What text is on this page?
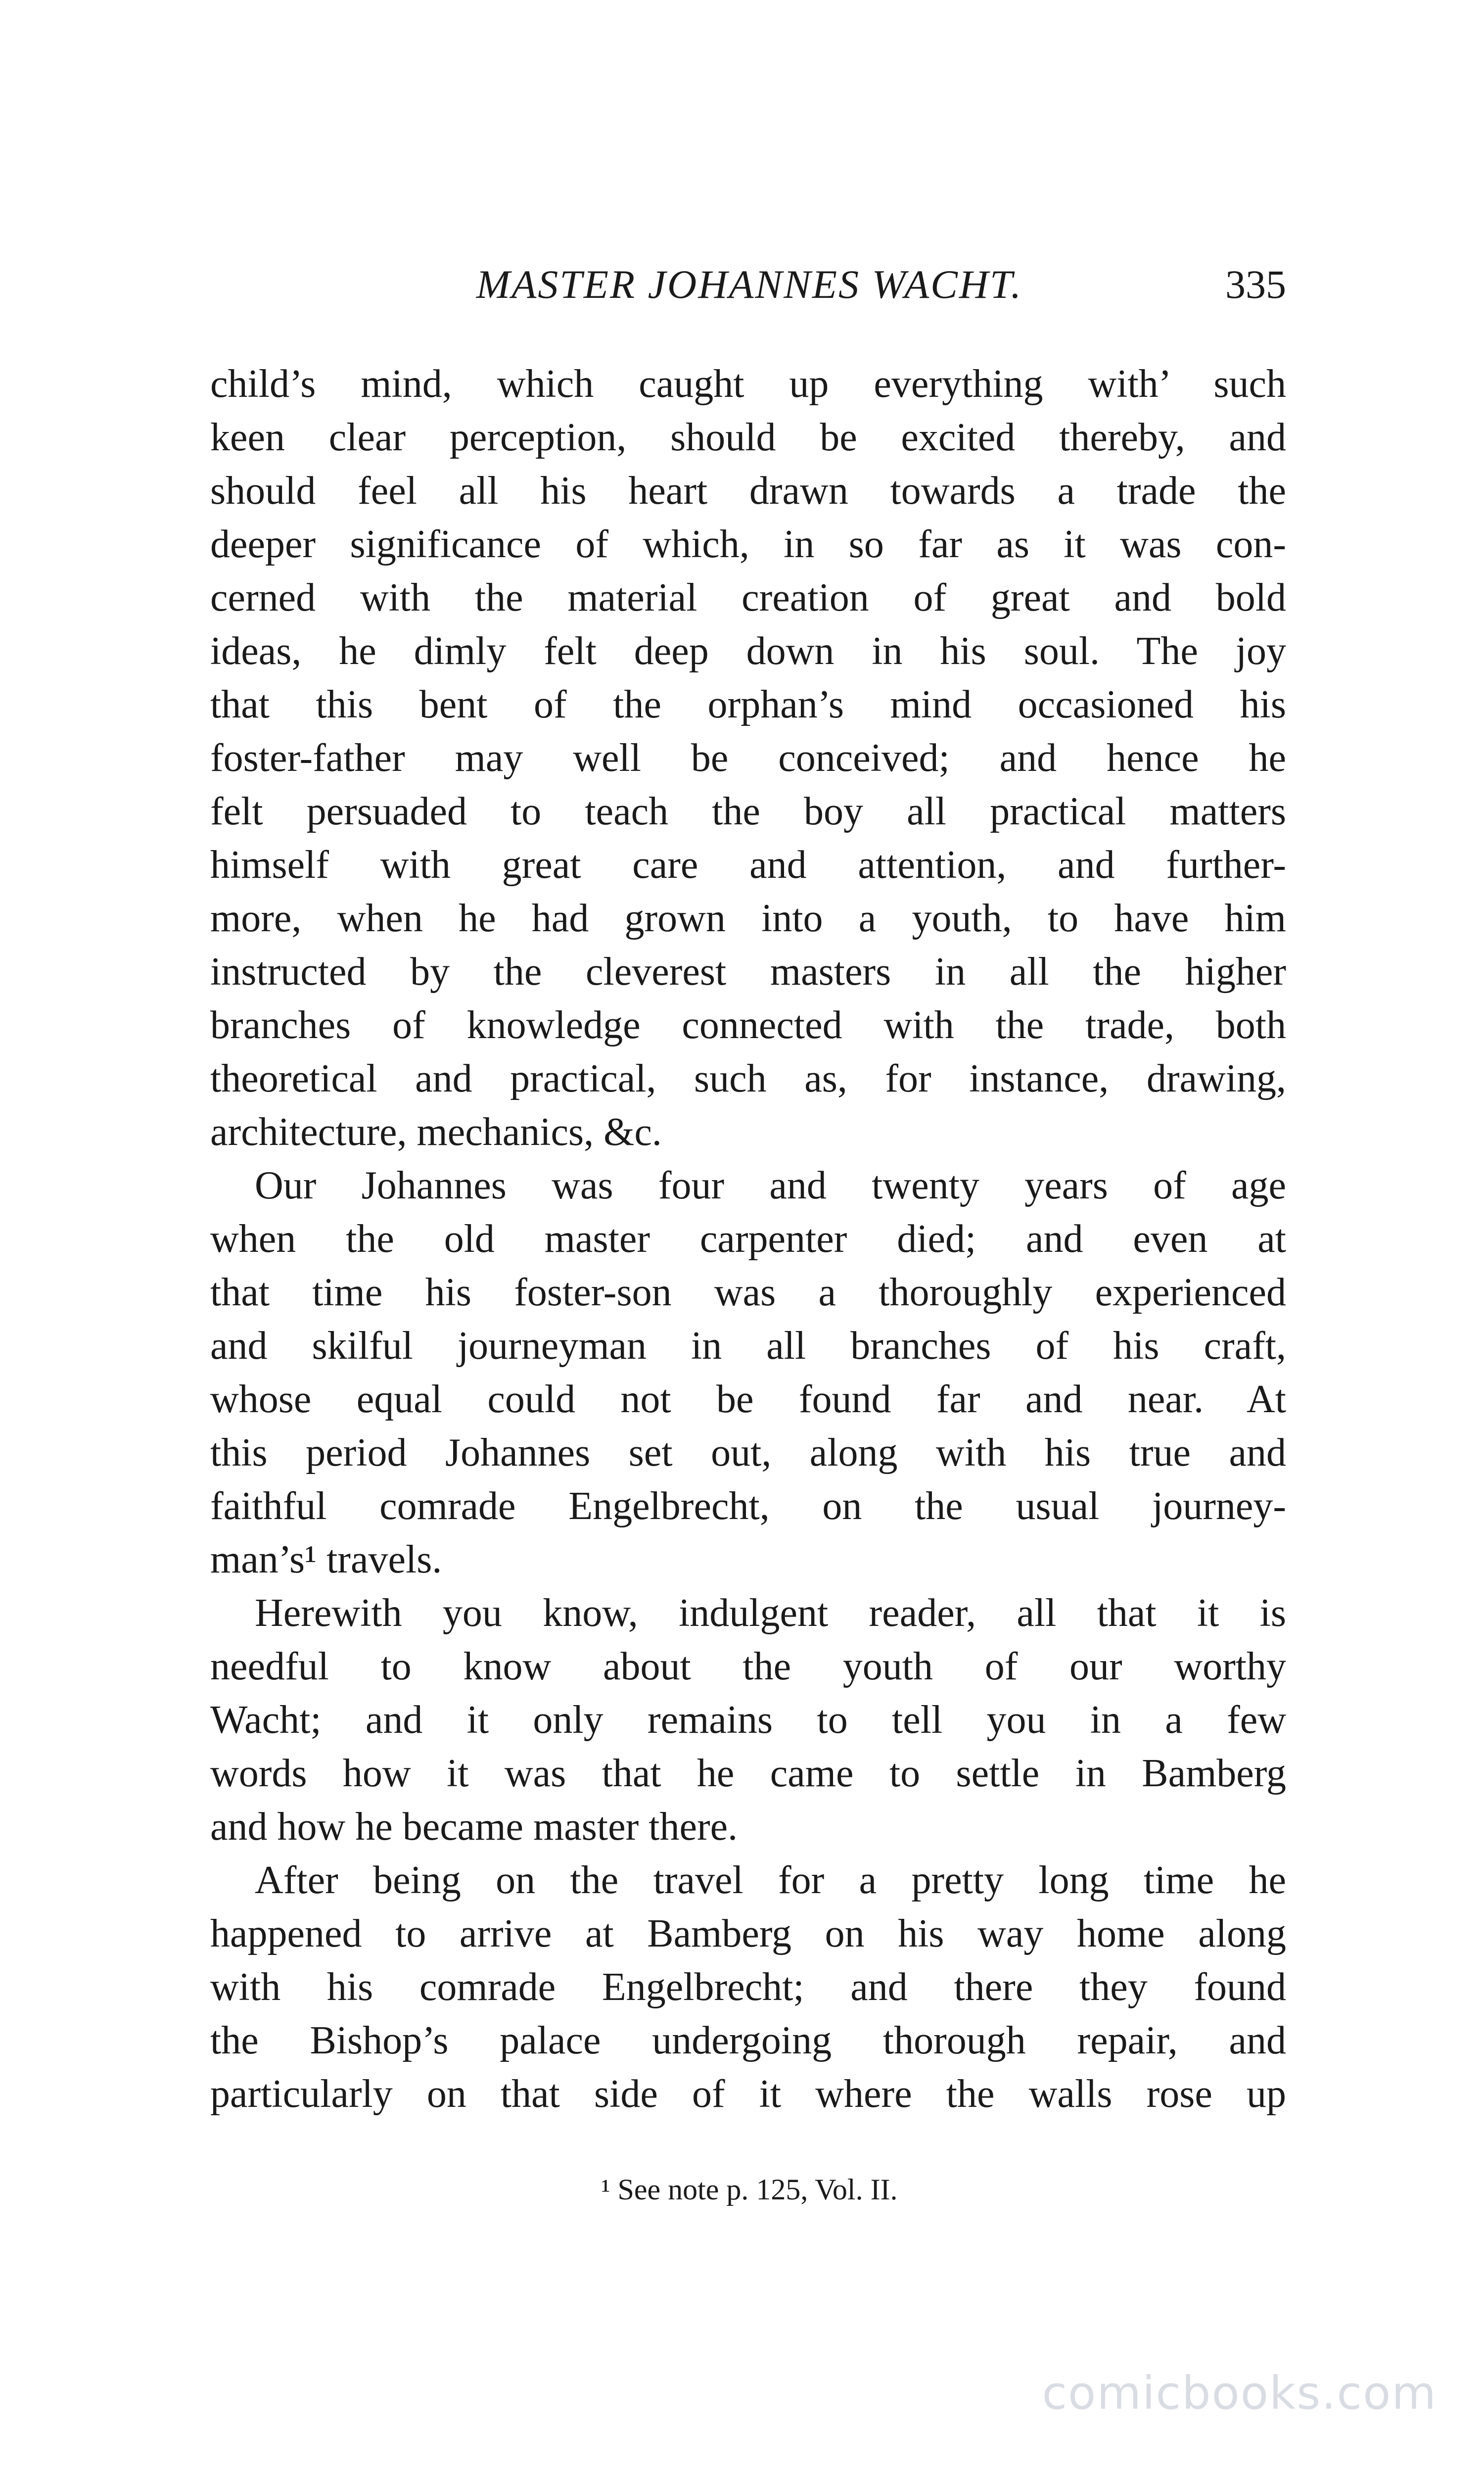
MASTER JOHANNES WACHT.	335
child’s mind, which caught up everything with’ such
keen clear perception, should be excited thereby, and
should feel all his heart drawn towards a trade the
deeper significance of which, in so far as it was con-
cerned with the material creation of great and bold
ideas, he dimly felt deep down in his soul. The joy
that this bent of the orphan’s mind occasioned his
foster-father may well be conceived; and hence he
felt persuaded to teach the boy all practical matters
himself with great care and attention, and further-
more, when he had grown into a youth, to have him
instructed by the cleverest masters in all the higher
branches of knowledge connected with the trade, both
theoretical and practical, such as, for instance, drawing,
architecture, mechanics, &c.
Our Johannes was four and twenty years of age
when the old master carpenter died; and even at
that time his foster-son was a thoroughly experienced
and skilful journeyman in all branches of his craft,
whose equal could not be found far and near. At
this period Johannes set out, along with his true and
faithful comrade Engelbrecht, on the usual journey-
man’s¹ travels.
Herewith you know, indulgent reader, all that it is
needful to know about the youth of our worthy
Wacht; and it only remains to tell you in a few
words how it was that he came to settle in Bamberg
and how he became master there.
After being on the travel for a pretty long time he
happened to arrive at Bamberg on his way home along
with his comrade Engelbrecht; and there they found
the Bishop’s palace undergoing thorough repair, and
particularly on that side of it where the walls rose up
¹ See note p. 125, Vol. II.
comicbooks.com
